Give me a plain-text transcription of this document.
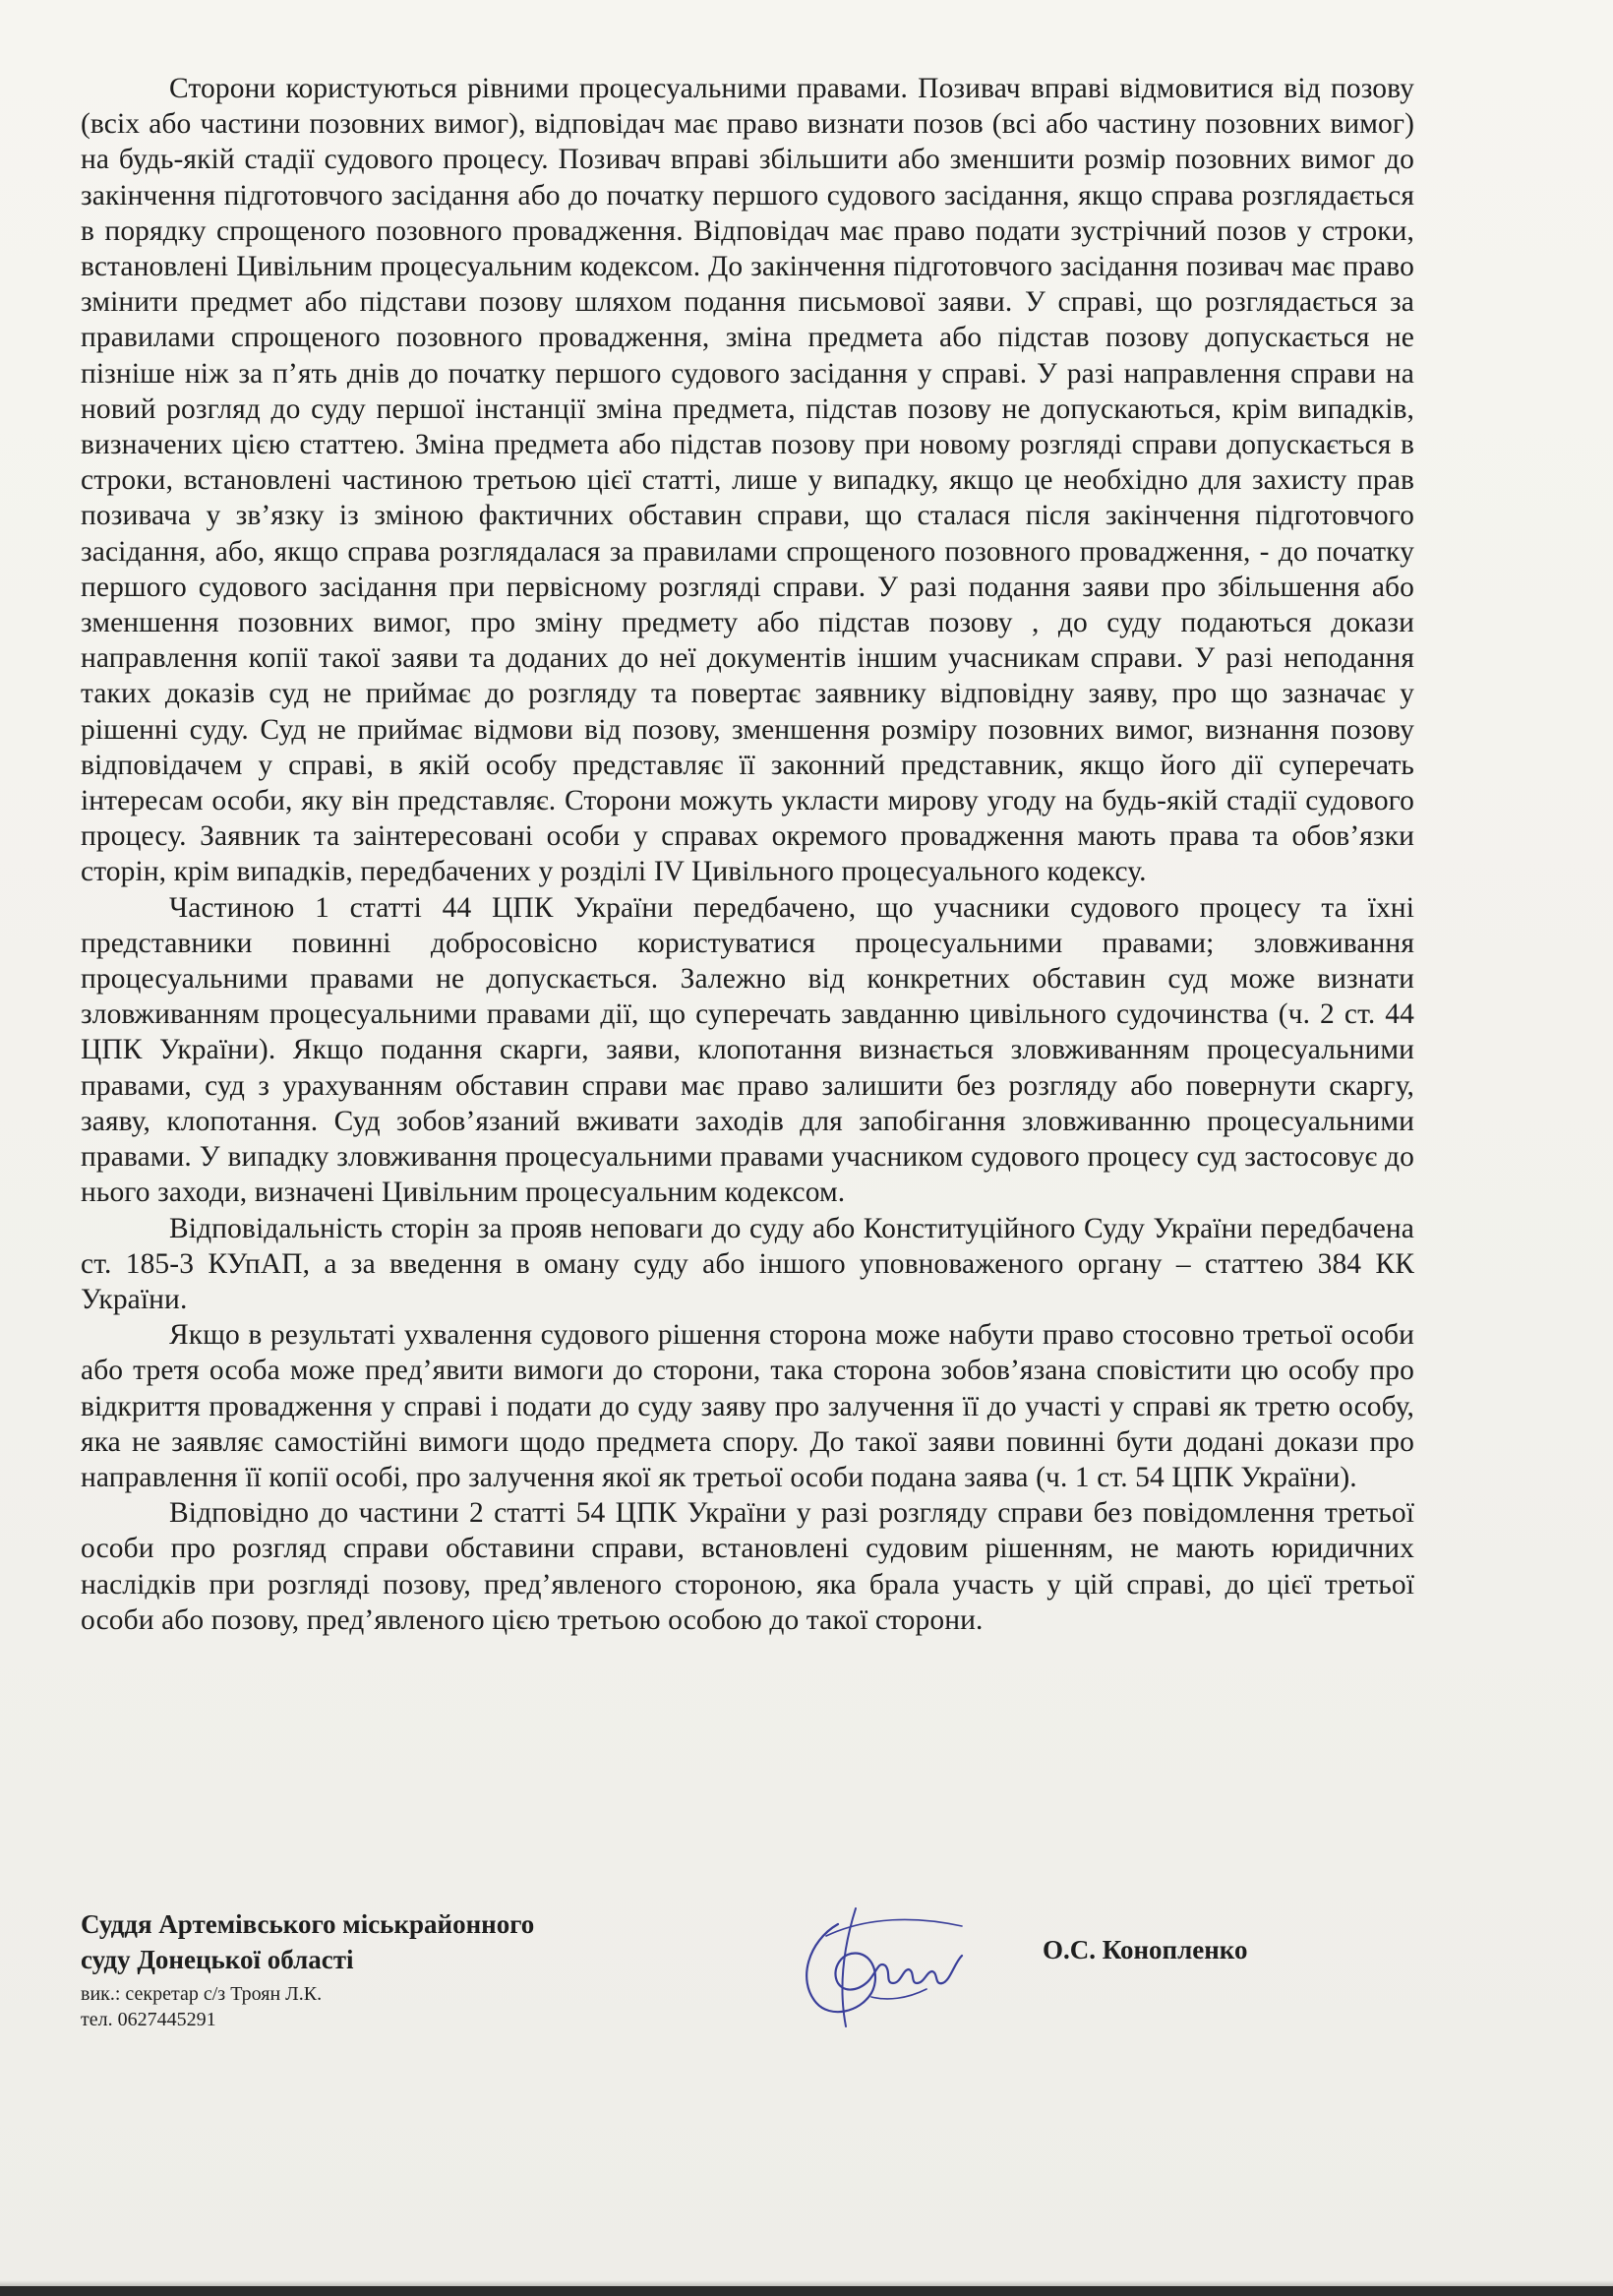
Сторони користуються рівними процесуальними правами. Позивач вправі відмовитися від позову (всіх або частини позовних вимог), відповідач має право визнати позов (всі або частину позовних вимог) на будь-якій стадії судового процесу. Позивач вправі збільшити або зменшити розмір позовних вимог до закінчення підготовчого засідання або до початку першого судового засідання, якщо справа розглядається в порядку спрощеного позовного провадження. Відповідач має право подати зустрічний позов у строки, встановлені Цивільним процесуальним кодексом. До закінчення підготовчого засідання позивач має право змінити предмет або підстави позову шляхом подання письмової заяви. У справі, що розглядається за правилами спрощеного позовного провадження, зміна предмета або підстав позову допускається не пізніше ніж за п’ять днів до початку першого судового засідання у справі. У разі направлення справи на новий розгляд до суду першої інстанції зміна предмета, підстав позову не допускаються, крім випадків, визначених цією статтею. Зміна предмета або підстав позову при новому розгляді справи допускається в строки, встановлені частиною третьою цієї статті, лише у випадку, якщо це необхідно для захисту прав позивача у зв’язку із зміною фактичних обставин справи, що сталася після закінчення підготовчого засідання, або, якщо справа розглядалася за правилами спрощеного позовного провадження, - до початку першого судового засідання при первісному розгляді справи. У разі подання заяви про збільшення або зменшення позовних вимог, про зміну предмету або підстав позову , до суду подаються докази направлення копії такої заяви та доданих до неї документів іншим учасникам справи. У разі неподання таких доказів суд не приймає до розгляду та повертає заявнику відповідну заяву, про що зазначає у рішенні суду. Суд не приймає відмови від позову, зменшення розміру позовних вимог, визнання позову відповідачем у справі, в якій особу представляє її законний представник, якщо його дії суперечать інтересам особи, яку він представляє. Сторони можуть укласти мирову угоду на будь-якій стадії судового процесу. Заявник та заінтересовані особи у справах окремого провадження мають права та обов’язки сторін, крім випадків, передбачених у розділі IV Цивільного процесуального кодексу.

Частиною 1 статті 44 ЦПК України передбачено, що учасники судового процесу та їхні представники повинні добросовісно користуватися процесуальними правами; зловживання процесуальними правами не допускається. Залежно від конкретних обставин суд може визнати зловживанням процесуальними правами дії, що суперечать завданню цивільного судочинства (ч. 2 ст. 44 ЦПК України). Якщо подання скарги, заяви, клопотання визнається зловживанням процесуальними правами, суд з урахуванням обставин справи має право залишити без розгляду або повернути скаргу, заяву, клопотання. Суд зобов’язаний вживати заходів для запобігання зловживанню процесуальними правами. У випадку зловживання процесуальними правами учасником судового процесу суд застосовує до нього заходи, визначені Цивільним процесуальним кодексом.

Відповідальність сторін за прояв неповаги до суду або Конституційного Суду України передбачена ст. 185-3 КУпАП, а за введення в оману суду або іншого уповноваженого органу – статтею 384 КК України.

Якщо в результаті ухвалення судового рішення сторона може набути право стосовно третьої особи або третя особа може пред’явити вимоги до сторони, така сторона зобов’язана сповістити цю особу про відкриття провадження у справі і подати до суду заяву про залучення її до участі у справі як третю особу, яка не заявляє самостійні вимоги щодо предмета спору. До такої заяви повинні бути додані докази про направлення її копії особі, про залучення якої як третьої особи подана заява (ч. 1 ст. 54 ЦПК України).

Відповідно до частини 2 статті 54 ЦПК України у разі розгляду справи без повідомлення третьої особи про розгляд справи обставини справи, встановлені судовим рішенням, не мають юридичних наслідків при розгляді позову, пред’явленого стороною, яка брала участь у цій справі, до цієї третьої особи або позову, пред’явленого цією третьою особою до такої сторони.

Суддя Артемівського міськрайонного
суду Донецької області
вик.: секретар с/з Троян Л.К.
тел. 0627445291
О.С. Конопленко
